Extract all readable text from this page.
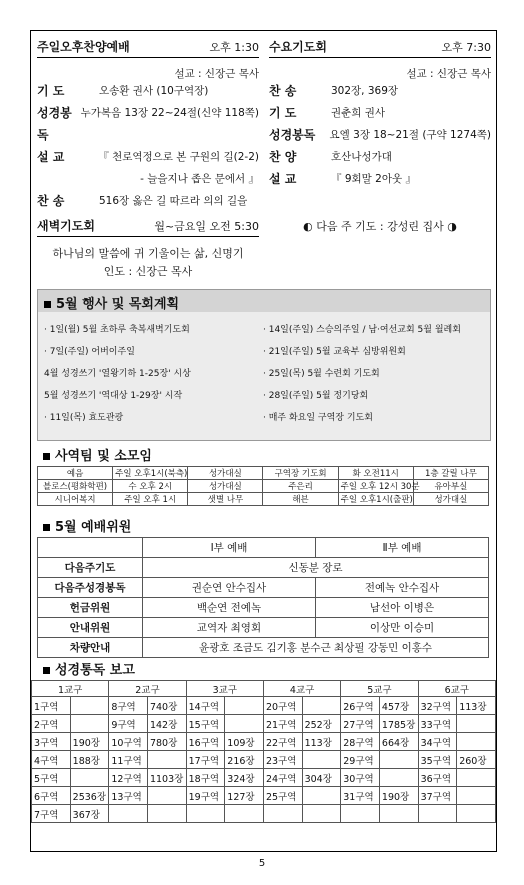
주일오후찬양예배	오후 1:30
설교 : 신장근 목사
기 도	오송환 권사 (10구역장)
성경봉독
누가복음 13장 22~24절(신약 118쪽)
설 교	『 천로역정으로 본 구원의 길(2-2)
- 늘을지나 좁은 문에서 』
찬 송	516장 옳은 길 따르라 의의 길을
새벽기도회	월~금요일 오전 5:30
하나님의 말씀에 귀 기울이는 삶, 신명기
인도 : 신장근 목사
수요기도회	오후 7:30
설교 : 신장근 목사
찬 송	302장, 369장
기 도	권춘희 권사
성경봉독	요엘 3장 18~21절 (구약 1274쪽)
찬 양	호산나성가대
설 교	『 9회말 2아웃 』
◐ 다음 주 기도 : 강성린 집사 ◑
5월 행사 및 목회계획
· 1일(월) 5월 초하루 축복새벽기도회
· 7일(주일) 어버이주일
4월 성경쓰기 '열왕기하 1-25장' 시상
5월 성경쓰기 '역대상 1-29장' 시작
· 11일(목) 효도관광
· 14일(주일) 스승의주일 / 남·여선교회 5월 월례회
· 21일(주일) 5월 교육부 심방위원회
· 25일(목) 5월 수련회 기도회
· 28일(주일) 5월 정기당회
· 매주 화요일 구역장 기도회
사역팀 및 소모임
예음	주일 오후1시(북측)	성가대실	구역장 기도회	화 오전11시	1층 갈릴 나무
블로스(평화학편)	수 오후 2시	성가대실	주은리	주일 오후 12시 30분	유아부실
시니어복지	주일 오후 1시	샛별 나무	해븐	주일 오후1시(출판)	성가대실
5월 예배위원
	Ⅰ부 예배	Ⅱ부 예배
다음주기도	신동분 장로	
다음주성경봉독	권순연 안수집사	전예녹 안수집사
헌금위원	백순연 전예녹	남선아 이병은
안내위원	교역자 최영회	이상만 이승미
차량안내	윤광호 조금도 김기홍 분수근 최상필 강동민 이홍수	
성경통독 보고
1교구		2교구		3교구		4교구		5교구		6교구	
1구역		8구역	740장	14구역		20구역		26구역	457장	32구역	113장
2구역		9구역	142장	15구역		21구역	252장	27구역	1785장	33구역	
3구역	190장	10구역	780장	16구역	109장	22구역	113장	28구역	664장	34구역	
4구역	188장	11구역		17구역	216장	23구역		29구역		35구역	260장
5구역		12구역	1103장	18구역	324장	24구역	304장	30구역		36구역	
6구역	2536장	13구역		19구역	127장	25구역		31구역	190장	37구역	
7구역	367장										
5
